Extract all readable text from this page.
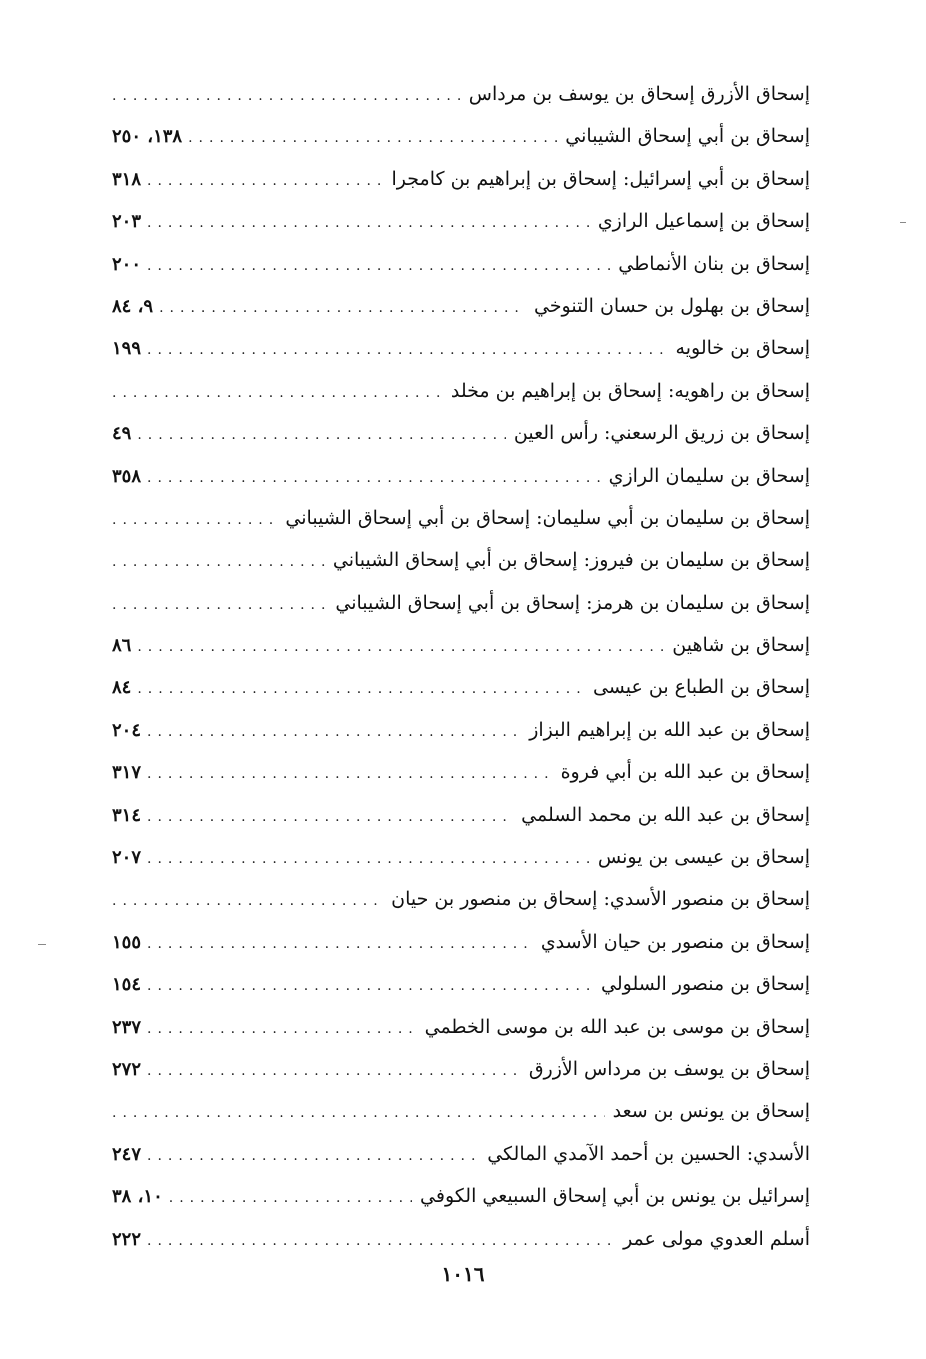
إسحاق الأزرق إسحاق بن يوسف بن مرداس
.....
إسحاق بن أبي إسحاق الشيباني
.....
١٣٨، ٢٥٠
إسحاق بن أبي إسرائيل: إسحاق بن إبراهيم بن كامجرا
.....
٣١٨
إسحاق بن إسماعيل الرازي
.....
٢٠٣
إسحاق بن بنان الأنماطي
.....
٢٠٠
إسحاق بن بهلول بن حسان التنوخي
.....
٩، ٨٤
إسحاق بن خالويه
.....
١٩٩
إسحاق بن راهويه: إسحاق بن إبراهيم بن مخلد
.....
إسحاق بن زريق الرسعني: رأس العين
.....
٤٩
إسحاق بن سليمان الرازي
.....
٣٥٨
إسحاق بن سليمان بن أبي سليمان: إسحاق بن أبي إسحاق الشيباني
.....
إسحاق بن سليمان بن فيروز: إسحاق بن أبي إسحاق الشيباني
.....
إسحاق بن سليمان بن هرمز: إسحاق بن أبي إسحاق الشيباني
.....
إسحاق بن شاهين
.....
٨٦
إسحاق بن الطباع بن عيسى
.....
٨٤
إسحاق بن عبد الله بن إبراهيم البزاز
.....
٢٠٤
إسحاق بن عبد الله بن أبي فروة
.....
٣١٧
إسحاق بن عبد الله بن محمد السلمي
.....
٣١٤
إسحاق بن عيسى بن يونس
.....
٢٠٧
إسحاق بن منصور الأسدي: إسحاق بن منصور بن حيان
.....
إسحاق بن منصور بن حيان الأسدي
.....
١٥٥
إسحاق بن منصور السلولي
.....
١٥٤
إسحاق بن موسى بن عبد الله بن موسى الخطمي
.....
٢٣٧
إسحاق بن يوسف بن مرداس الأزرق
.....
٢٧٢
إسحاق بن يونس بن سعد
.....
الأسدي: الحسين بن أحمد الآمدي المالكي
.....
٢٤٧
إسرائيل بن يونس بن أبي إسحاق السبيعي الكوفي
.....
١٠، ٣٨
أسلم العدوي مولى عمر
.....
٢٢٢
١٠١٦
